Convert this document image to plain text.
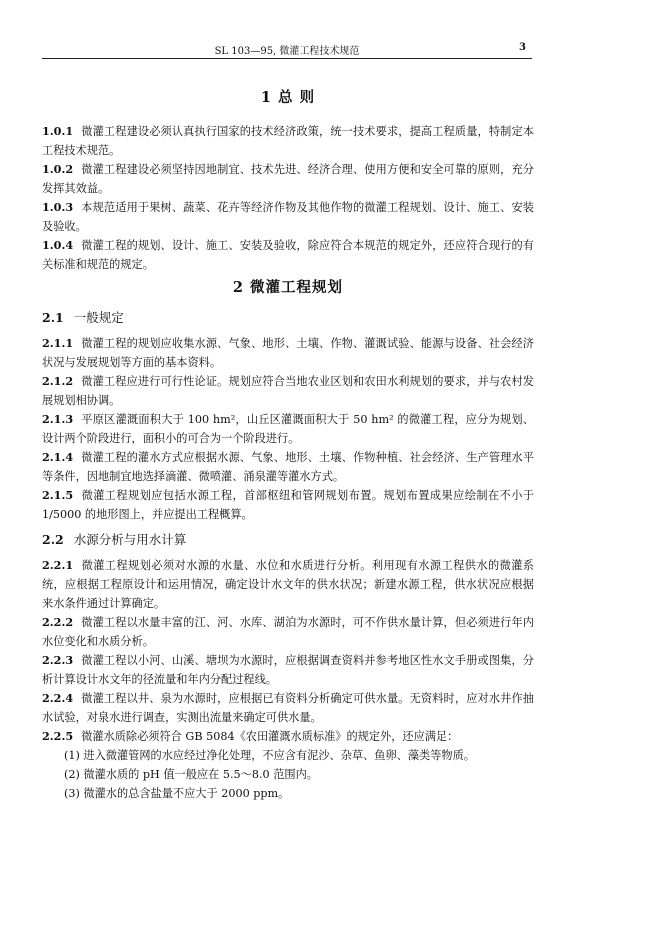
SL 103—95, 微灌工程技术规范	3
1 总 则

1.0.1 微灌工程建设必须认真执行国家的技术经济政策，统一技术要求，提高工程质量，特制定本工程技术规范。

1.0.2 微灌工程建设必须坚持因地制宜、技术先进、经济合理、使用方便和安全可靠的原则，充分发挥其效益。

1.0.3 本规范适用于果树、蔬菜、花卉等经济作物及其他作物的微灌工程规划、设计、施工、安装及验收。

1.0.4 微灌工程的规划、设计、施工、安装及验收，除应符合本规范的规定外，还应符合现行的有关标准和规范的规定。

2 微灌工程规划
2.1 一般规定

2.1.1 微灌工程的规划应收集水源、气象、地形、土壤、作物、灌溉试验、能源与设备、社会经济状况与发展规划等方面的基本资料。

2.1.2 微灌工程应进行可行性论证。规划应符合当地农业区划和农田水利规划的要求，并与农村发展规划相协调。

2.1.3 平原区灌溉面积大于 100 hm²，山丘区灌溉面积大于 50 hm² 的微灌工程，应分为规划、设计两个阶段进行，面积小的可合为一个阶段进行。

2.1.4 微灌工程的灌水方式应根据水源、气象、地形、土壤、作物种植、社会经济、生产管理水平等条件，因地制宜地选择滴灌、微喷灌、涌泉灌等灌水方式。

2.1.5 微灌工程规划应包括水源工程，首部枢纽和管网规划布置。规划布置成果应绘制在不小于 1/5000 的地形图上，并应提出工程概算。

2.2 水源分析与用水计算

2.2.1 微灌工程规划必须对水源的水量、水位和水质进行分析。利用现有水源工程供水的微灌系统，应根据工程原设计和运用情况，确定设计水文年的供水状况；新建水源工程，供水状况应根据来水条件通过计算确定。

2.2.2 微灌工程以水量丰富的江、河、水库、湖泊为水源时，可不作供水量计算，但必须进行年内水位变化和水质分析。

2.2.3 微灌工程以小河、山溪、塘坝为水源时，应根据调查资料并参考地区性水文手册或图集，分析计算设计水文年的径流量和年内分配过程线。

2.2.4 微灌工程以井、泉为水源时，应根据已有资料分析确定可供水量。无资料时，应对水井作抽水试验，对泉水进行调查，实测出流量来确定可供水量。

2.2.5 微灌水质除必须符合 GB 5084《农田灌溉水质标准》的规定外，还应满足：

(1) 进入微灌管网的水应经过净化处理，不应含有泥沙、杂草、鱼卵、藻类等物质。

(2) 微灌水质的 pH 值一般应在 5.5～8.0 范围内。

(3) 微灌水的总含盐量不应大于 2000 ppm。
